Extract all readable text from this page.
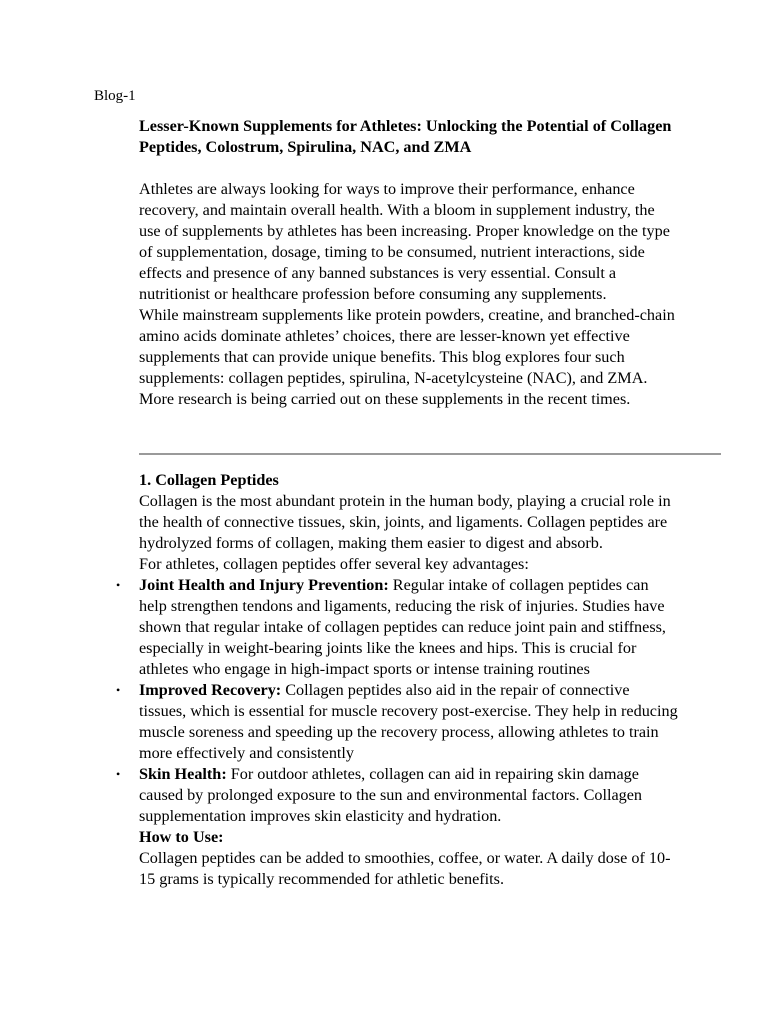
Blog-1

Lesser-Known Supplements for Athletes: Unlocking the Potential of Collagen Peptides, Colostrum, Spirulina, NAC, and ZMA

Athletes are always looking for ways to improve their performance, enhance recovery, and maintain overall health. With a bloom in supplement industry, the use of supplements by athletes has been increasing. Proper knowledge on the type of supplementation, dosage, timing to be consumed, nutrient interactions, side effects and presence of any banned substances is very essential. Consult a nutritionist or healthcare profession before consuming any supplements.

While mainstream supplements like protein powders, creatine, and branched-chain amino acids dominate athletes’ choices, there are lesser-known yet effective supplements that can provide unique benefits. This blog explores four such supplements: collagen peptides, spirulina, N-acetylcysteine (NAC), and ZMA. More research is being carried out on these supplements in the recent times.

1. Collagen Peptides

Collagen is the most abundant protein in the human body, playing a crucial role in the health of connective tissues, skin, joints, and ligaments. Collagen peptides are hydrolyzed forms of collagen, making them easier to digest and absorb.

For athletes, collagen peptides offer several key advantages:

• Joint Health and Injury Prevention: Regular intake of collagen peptides can help strengthen tendons and ligaments, reducing the risk of injuries. Studies have shown that regular intake of collagen peptides can reduce joint pain and stiffness, especially in weight-bearing joints like the knees and hips. This is crucial for athletes who engage in high-impact sports or intense training routines
• Improved Recovery: Collagen peptides also aid in the repair of connective tissues, which is essential for muscle recovery post-exercise. They help in reducing muscle soreness and speeding up the recovery process, allowing athletes to train more effectively and consistently
• Skin Health: For outdoor athletes, collagen can aid in repairing skin damage caused by prolonged exposure to the sun and environmental factors. Collagen supplementation improves skin elasticity and hydration.

How to Use:

Collagen peptides can be added to smoothies, coffee, or water. A daily dose of 10-15 grams is typically recommended for athletic benefits.
